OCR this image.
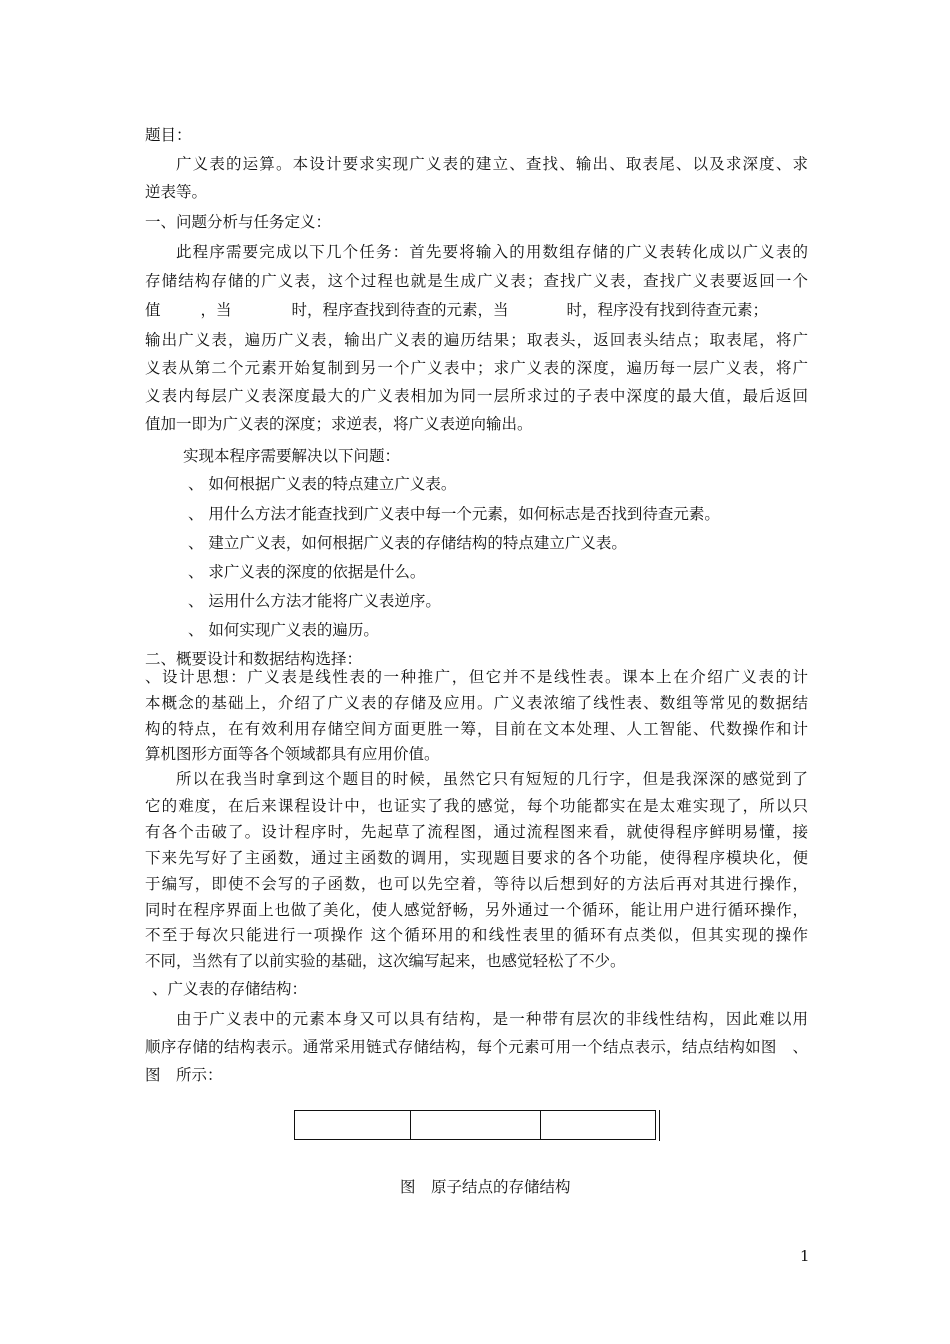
题目：
广义表的运算。本设计要求实现广义表的建立、查找、输出、取表尾、以及求深度、求
逆表等。
一、问题分析与任务定义：
此程序需要完成以下几个任务：首先要将输入的用数组存储的广义表转化成以广义表的
存储结构存储的广义表，这个过程也就是生成广义表；查找广义表，查找广义表要返回一个
值	，当	时，程序查找到待查的元素，当	时，程序没有找到待查元素；
输出广义表，遍历广义表，输出广义表的遍历结果；取表头，返回表头结点；取表尾，将广
义表从第二个元素开始复制到另一个广义表中；求广义表的深度，遍历每一层广义表，将广
义表内每层广义表深度最大的广义表相加为同一层所求过的子表中深度的最大值，最后返回
值加一即为广义表的深度；求逆表，将广义表逆向输出。
实现本程序需要解决以下问题：
、 如何根据广义表的特点建立广义表。
、 用什么方法才能查找到广义表中每一个元素，如何标志是否找到待查元素。
、 建立广义表，如何根据广义表的存储结构的特点建立广义表。
、 求广义表的深度的依据是什么。
、 运用什么方法才能将广义表逆序。
、 如何实现广义表的遍历。
二、概要设计和数据结构选择：
、设计思想：广义表是线性表的一种推广，但它并不是线性表。课本上在介绍广义表的计
本概念的基础上，介绍了广义表的存储及应用。广义表浓缩了线性表、数组等常见的数据结
构的特点，在有效利用存储空间方面更胜一筹，目前在文本处理、人工智能、代数操作和计
算机图形方面等各个领域都具有应用价值。
所以在我当时拿到这个题目的时候，虽然它只有短短的几行字，但是我深深的感觉到了
它的难度，在后来课程设计中，也证实了我的感觉，每个功能都实在是太难实现了，所以只
有各个击破了。设计程序时，先起草了流程图，通过流程图来看，就使得程序鲜明易懂，接
下来先写好了主函数，通过主函数的调用，实现题目要求的各个功能，使得程序模块化，便
于编写，即使不会写的子函数，也可以先空着，等待以后想到好的方法后再对其进行操作，
同时在程序界面上也做了美化，使人感觉舒畅，另外通过一个循环，能让用户进行循环操作，
不至于每次只能进行一项操作 这个循环用的和线性表里的循环有点类似，但其实现的操作
不同，当然有了以前实验的基础，这次编写起来，也感觉轻松了不少。
、广义表的存储结构：
由于广义表中的元素本身又可以具有结构，是一种带有层次的非线性结构，因此难以用
顺序存储的结构表示。通常采用链式存储结构，每个元素可用一个结点表示，结点结构如图　、
图　所示：
图　原子结点的存储结构
1
